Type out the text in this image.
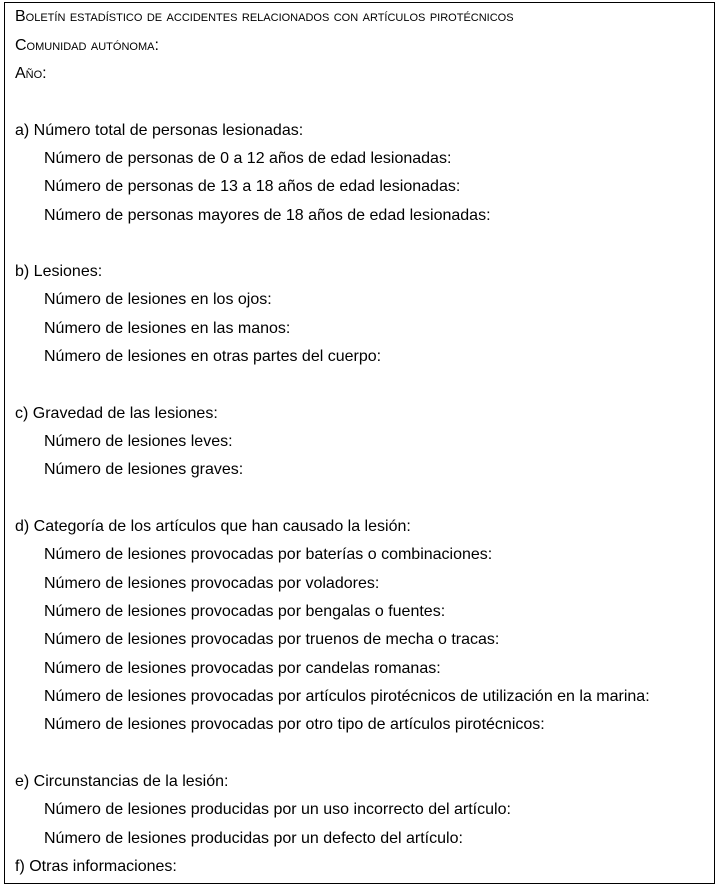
Boletín estadístico de accidentes relacionados con artículos pirotécnicos
Comunidad autónoma:
Año:
a) Número total de personas lesionadas:
Número de personas de 0 a 12 años de edad lesionadas:
Número de personas de 13 a 18 años de edad lesionadas:
Número de personas mayores de 18 años de edad lesionadas:
b) Lesiones:
Número de lesiones en los ojos:
Número de lesiones en las manos:
Número de lesiones en otras partes del cuerpo:
c) Gravedad de las lesiones:
Número de lesiones leves:
Número de lesiones graves:
d) Categoría de los artículos que han causado la lesión:
Número de lesiones provocadas por baterías o combinaciones:
Número de lesiones provocadas por voladores:
Número de lesiones provocadas por bengalas o fuentes:
Número de lesiones provocadas por truenos de mecha o tracas:
Número de lesiones provocadas por candelas romanas:
Número de lesiones provocadas por artículos pirotécnicos de utilización en la marina:
Número de lesiones provocadas por otro tipo de artículos pirotécnicos:
e) Circunstancias de la lesión:
Número de lesiones producidas por un uso incorrecto del artículo:
Número de lesiones producidas por un defecto del artículo:
f) Otras informaciones:
